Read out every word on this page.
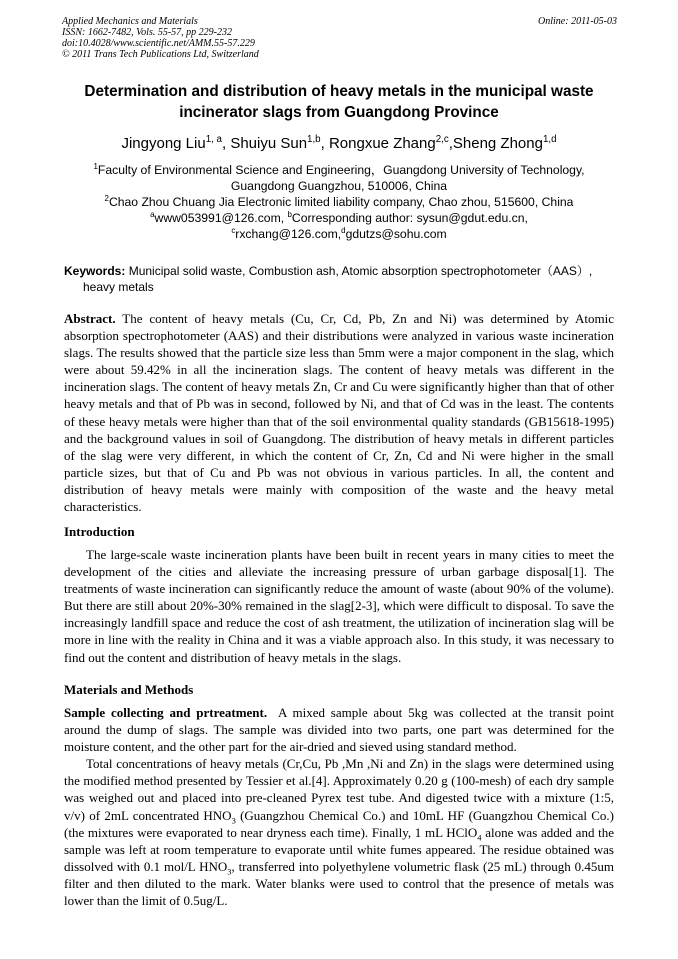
Applied Mechanics and Materials
ISSN: 1662-7482, Vols. 55-57, pp 229-232
doi:10.4028/www.scientific.net/AMM.55-57.229
© 2011 Trans Tech Publications Ltd, Switzerland
Online: 2011-05-03
Determination and distribution of heavy metals in the municipal waste
incinerator slags from Guangdong Province
Jingyong Liu$^{1, a}$, Shuiyu Sun$^{1,b}$, Rongxue Zhang$^{2,c}$,Sheng Zhong$^{1,d}$
$^1$Faculty of Environmental Science and Engineering，Guangdong University of Technology,
Guangdong Guangzhou, 510006, China
$^2$Chao Zhou Chuang Jia Electronic limited liability company, Chao zhou, 515600, China
$^a$www053991@126.com, $^b$Corresponding author: sysun@gdut.edu.cn,
$^c$rxchang@126.com,$^d$gdutzs@sohu.com
Keywords: Municipal solid waste, Combustion ash, Atomic absorption spectrophotometer（AAS）,
heavy metals

Abstract. The content of heavy metals (Cu, Cr, Cd, Pb, Zn and Ni) was determined by Atomic absorption spectrophotometer (AAS) and their distributions were analyzed in various waste incineration slags. The results showed that the particle size less than 5mm were a major component in the slag, which were about 59.42% in all the incineration slags. The content of heavy metals was different in the incineration slags. The content of heavy metals Zn, Cr and Cu were significantly higher than that of other heavy metals and that of Pb was in second, followed by Ni, and that of Cd was in the least. The contents of these heavy metals were higher than that of the soil environmental quality standards (GB15618-1995) and the background values in soil of Guangdong. The distribution of heavy metals in different particles of the slag were very different, in which the content of Cr, Zn, Cd and Ni were higher in the small particle sizes, but that of Cu and Pb was not obvious in various particles. In all, the content and distribution of heavy metals were mainly with composition of the waste and the heavy metal characteristics.

Introduction

The large-scale waste incineration plants have been built in recent years in many cities to meet the development of the cities and alleviate the increasing pressure of urban garbage disposal[1]. The treatments of waste incineration can significantly reduce the amount of waste (about 90% of the volume). But there are still about 20%-30% remained in the slag[2-3], which were difficult to disposal. To save the increasingly landfill space and reduce the cost of ash treatment, the utilization of incineration slag will be more in line with the reality in China and it was a viable approach also. In this study, it was necessary to find out the content and distribution of heavy metals in the slags.

Materials and Methods

Sample collecting and prtreatment. A mixed sample about 5kg was collected at the transit point around the dump of slags. The sample was divided into two parts, one part was determined for the moisture content, and the other part for the air-dried and sieved using standard method.

Total concentrations of heavy metals (Cr,Cu, Pb ,Mn ,Ni and Zn) in the slags were determined using the modified method presented by Tessier et al.[4]. Approximately 0.20 g (100-mesh) of each dry sample was weighed out and placed into pre-cleaned Pyrex test tube. And digested twice with a mixture (1:5, v/v) of 2mL concentrated $HNO_3$ (Guangzhou Chemical Co.) and 10mL HF (Guangzhou Chemical Co.) (the mixtures were evaporated to near dryness each time). Finally, 1 mL HClO$_4$ alone was added and the sample was left at room temperature to evaporate until white fumes appeared. The residue obtained was dissolved with 0.1 mol/L $HNO_3$, transferred into polyethylene volumetric flask (25 mL) through 0.45um filter and then diluted to the mark. Water blanks were used to control that the presence of metals was lower than the limit of 0.5ug/L.
